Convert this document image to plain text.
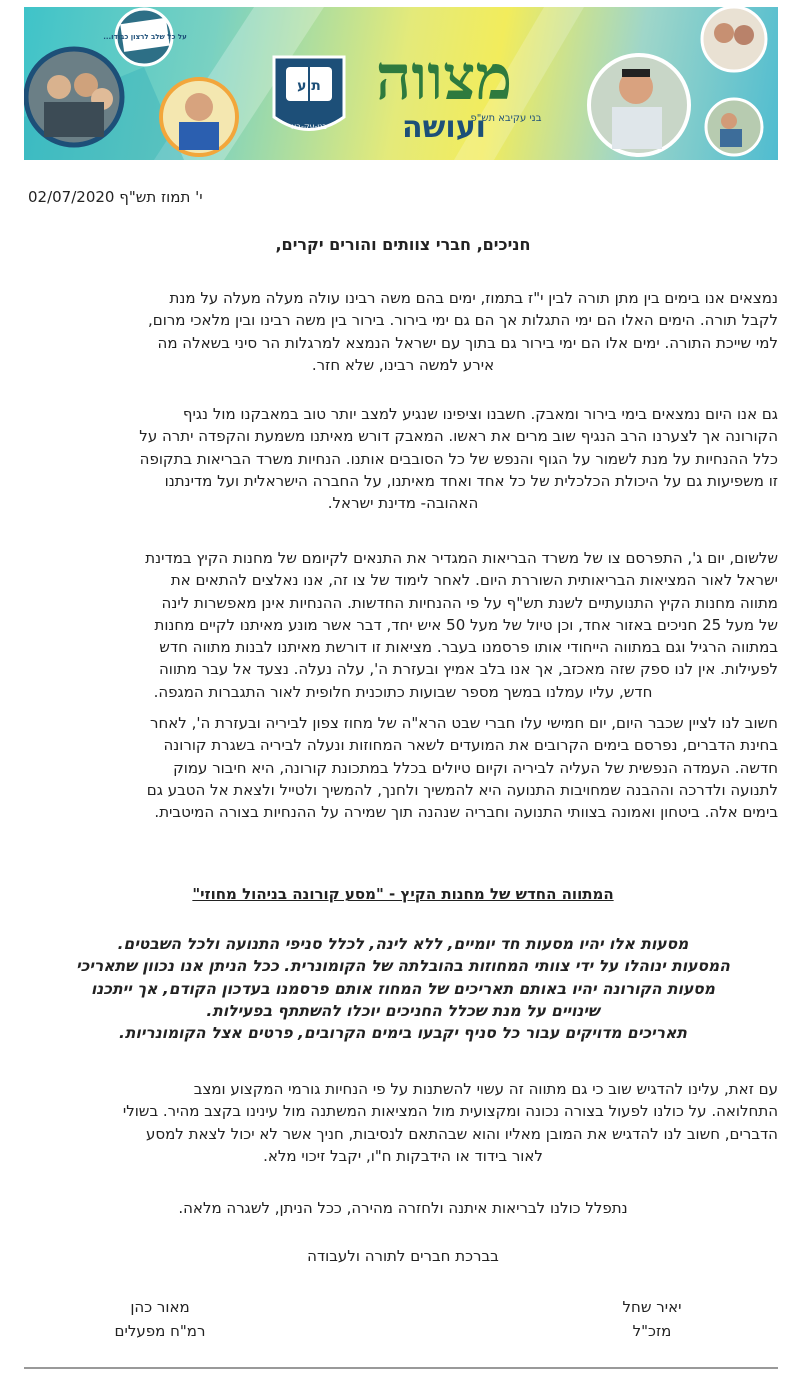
...על כל שלב לרצון כבודו
ת ע
בני-עק-בא
מצווה
ועושה
בני עקיבא תש"פ

י' תמוז תש"ף 02/07/2020

חניכים, חברי צוותים והורים יקרים,

נמצאים אנו בימים בין מתן תורה לבין י"ז בתמוז, ימים בהם משה רבינו עולה מעלה מעלה על מנת
לקבל תורה. הימים האלו הם ימי התגלות אך הם גם ימי בירור. בירור בין משה רבינו ובין מלאכי מרום,
למי שייכת התורה. ימים אלו הם ימי בירור גם בתוך עם ישראל הנמצא למרגלות הר סיני בשאלה מה
אירע למשה רבינו, שלא חזר.
גם אנו היום נמצאים בימי בירור ומאבק. חשבנו וציפינו שנגיע למצב יותר טוב במאבקנו מול נגיף
הקורונה אך לצערנו הרב הנגיף שוב מרים את ראשו. המאבק דורש מאיתנו משמעת והקפדה יתרה על
כלל ההנחיות על מנת לשמור על הגוף והנפש של כל הסובבים אותנו. הנחיות משרד הבריאות בתקופה
זו משפיעות גם על היכולת הכלכלית של כל אחד ואחד מאיתנו, על החברה הישראלית ועל מדינתנו
האהובה- מדינת ישראל.
שלשום, יום ג', התפרסם צו של משרד הבריאות המגדיר את התנאים לקיומם של מחנות הקיץ במדינת
ישראל לאור המציאות הבריאותית השוררת היום. לאחר לימוד של צו זה, אנו נאלצים להתאים את
מתווה מחנות הקיץ התנועתיים לשנת תש"ף על פי ההנחיות החדשות. ההנחיות אינן מאפשרות לינה
של מעל 25 חניכים באזור אחד, וכן טיול של מעל 50 איש יחד, דבר אשר מונע מאיתנו לקיים מחנות
במתווה הרגיל וגם במתווה הייחודי אותו פרסמנו בעבר. מציאות זו דורשת מאיתנו לבנות מתווה חדש
לפעילות. אין לנו ספק שזה מאכזב, אך אנו בלב אמיץ ובעזרת ה', עלה נעלה. נצעד אל עבר מתווה
חדש, עליו עמלנו במשך מספר שבועות כתוכנית חלופית לאור התגברות המגפה.
חשוב לנו לציין שכבר היום, יום חמישי עלו חברי שבט הרא"ה של מחוז צפון לביריה ובעזרת ה', לאחר
בחינת הדברים, נפרסם בימים הקרובים את המועדים לשאר המחוזות ונעלה לביריה בשגרת קורונה
חדשה. העמדה הנפשית של העליה לביריה וקיום טיולים בכלל במתכונת קורונה, היא חיבור עמוק
לתנועה ולדרכה וההבנה שמחויבות התנועה היא להמשיך ולחנך, להמשיך ולטייל ולצאת אל הטבע גם
בימים אלה. ביטחון ואמונה בצוותי התנועה וחבריה שנהנה תוך שמירה על ההנחיות בצורה המיטבית.

המתווה החדש של מחנות הקיץ - "מסע קורונה בניהול מחוזי"

מסעות אלו יהיו מסעות חד יומיים, ללא לינה, לכלל סניפי התנועה ולכל השבטים.
המסעות ינוהלו על ידי צוותי המחוזות בהובלתה של הקומונרית. ככל הניתן אנו נכוון שתאריכי
מסעות הקורונה יהיו באותם תאריכים של המחוז אותם פרסמנו בעדכון הקודם, אך ייתכנו
שינויים על מנת שכלל החניכים יוכלו להשתתף בפעילות.
תאריכים מדויקים עבור כל סניף יקבעו בימים הקרובים, פרטים אצל הקומונריות.
עם זאת, עלינו להדגיש שוב כי גם מתווה זה עשוי להשתנות על פי הנחיות גורמי המקצוע ומצב
התחלואה. על כולנו לפעול בצורה נכונה ומקצועית מול המציאות המשתנה מול עינינו בקצב מהיר. בשולי
הדברים, חשוב לנו להדגיש את המובן מאליו והוא שבהתאם לנסיבות, חניך אשר לא יכול לצאת למסע
לאור בידוד או הידבקות ח"ו, יקבל זיכוי מלא.

נתפלל כולנו לבריאות איתנה ולחזרה מהירה, ככל הניתן, לשגרה מלאה.

בברכת חברים לתורה ולעבודה

יאיר שחל
מזכ"ל
מאור כהן
רמ"ח מפעלים
